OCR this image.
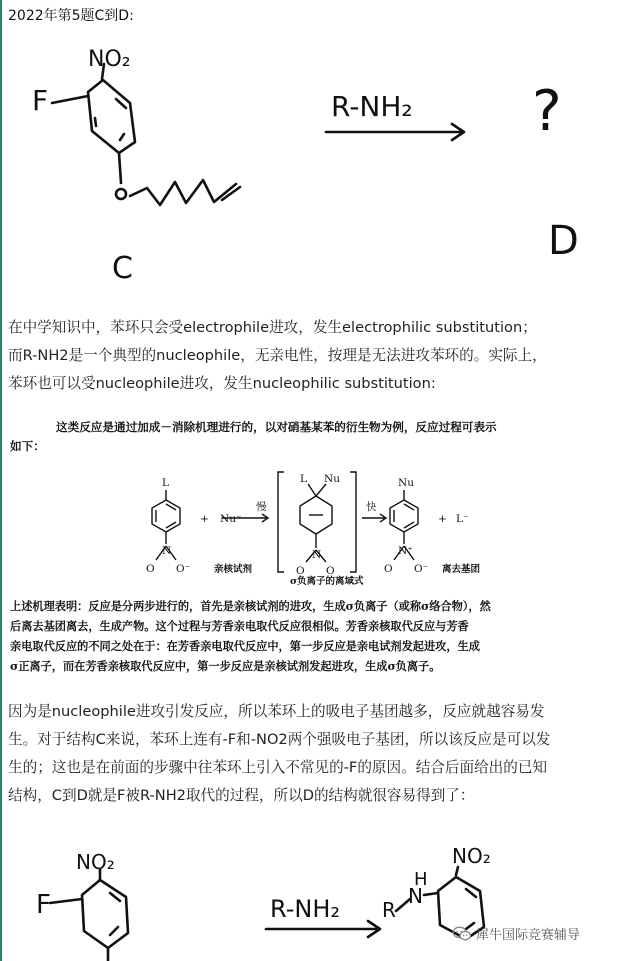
2022年第5题C到D:
NO₂
F
C
R-NH₂ ?
D
在中学知识中，苯环只会受electrophile进攻，发生electrophilic substitution；
而R-NH2是一个典型的nucleophile，无亲电性，按理是无法进攻苯环的。实际上，
苯环也可以受nucleophile进攻，发生nucleophilic substitution:
这类反应是通过加成－消除机理进行的，以对硝基某苯的衍生物为例，反应过程可表示
如下：
L
N
O O⁻
+ Nu⁻
慢
L Nu
N
O O
快
Nu
N⁺
O O⁻
+ L⁻
亲核试剂
σ负离子的离域式
离去基团
上述机理表明：反应是分两步进行的，首先是亲核试剂的进攻，生成σ负离子（或称σ络合物），然
后离去基团离去，生成产物。这个过程与芳香亲电取代反应很相似。芳香亲核取代反应与芳香
亲电取代反应的不同之处在于：在芳香亲电取代反应中，第一步反应是亲电试剂发起进攻，生成
σ正离子，而在芳香亲核取代反应中，第一步反应是亲核试剂发起进攻，生成σ负离子。
因为是nucleophile进攻引发反应，所以苯环上的吸电子基团越多，反应就越容易发
生。对于结构C来说，苯环上连有-F和-NO2两个强吸电子基团，所以该反应是可以发
生的；这也是在前面的步骤中往苯环上引入不常见的-F的原因。结合后面给出的已知
结构，C到D就是F被R-NH2取代的过程，所以D的结构就很容易得到了：
NO₂
F	R-NH₂
NO₂
H
N
R
犀牛国际竞赛辅导
